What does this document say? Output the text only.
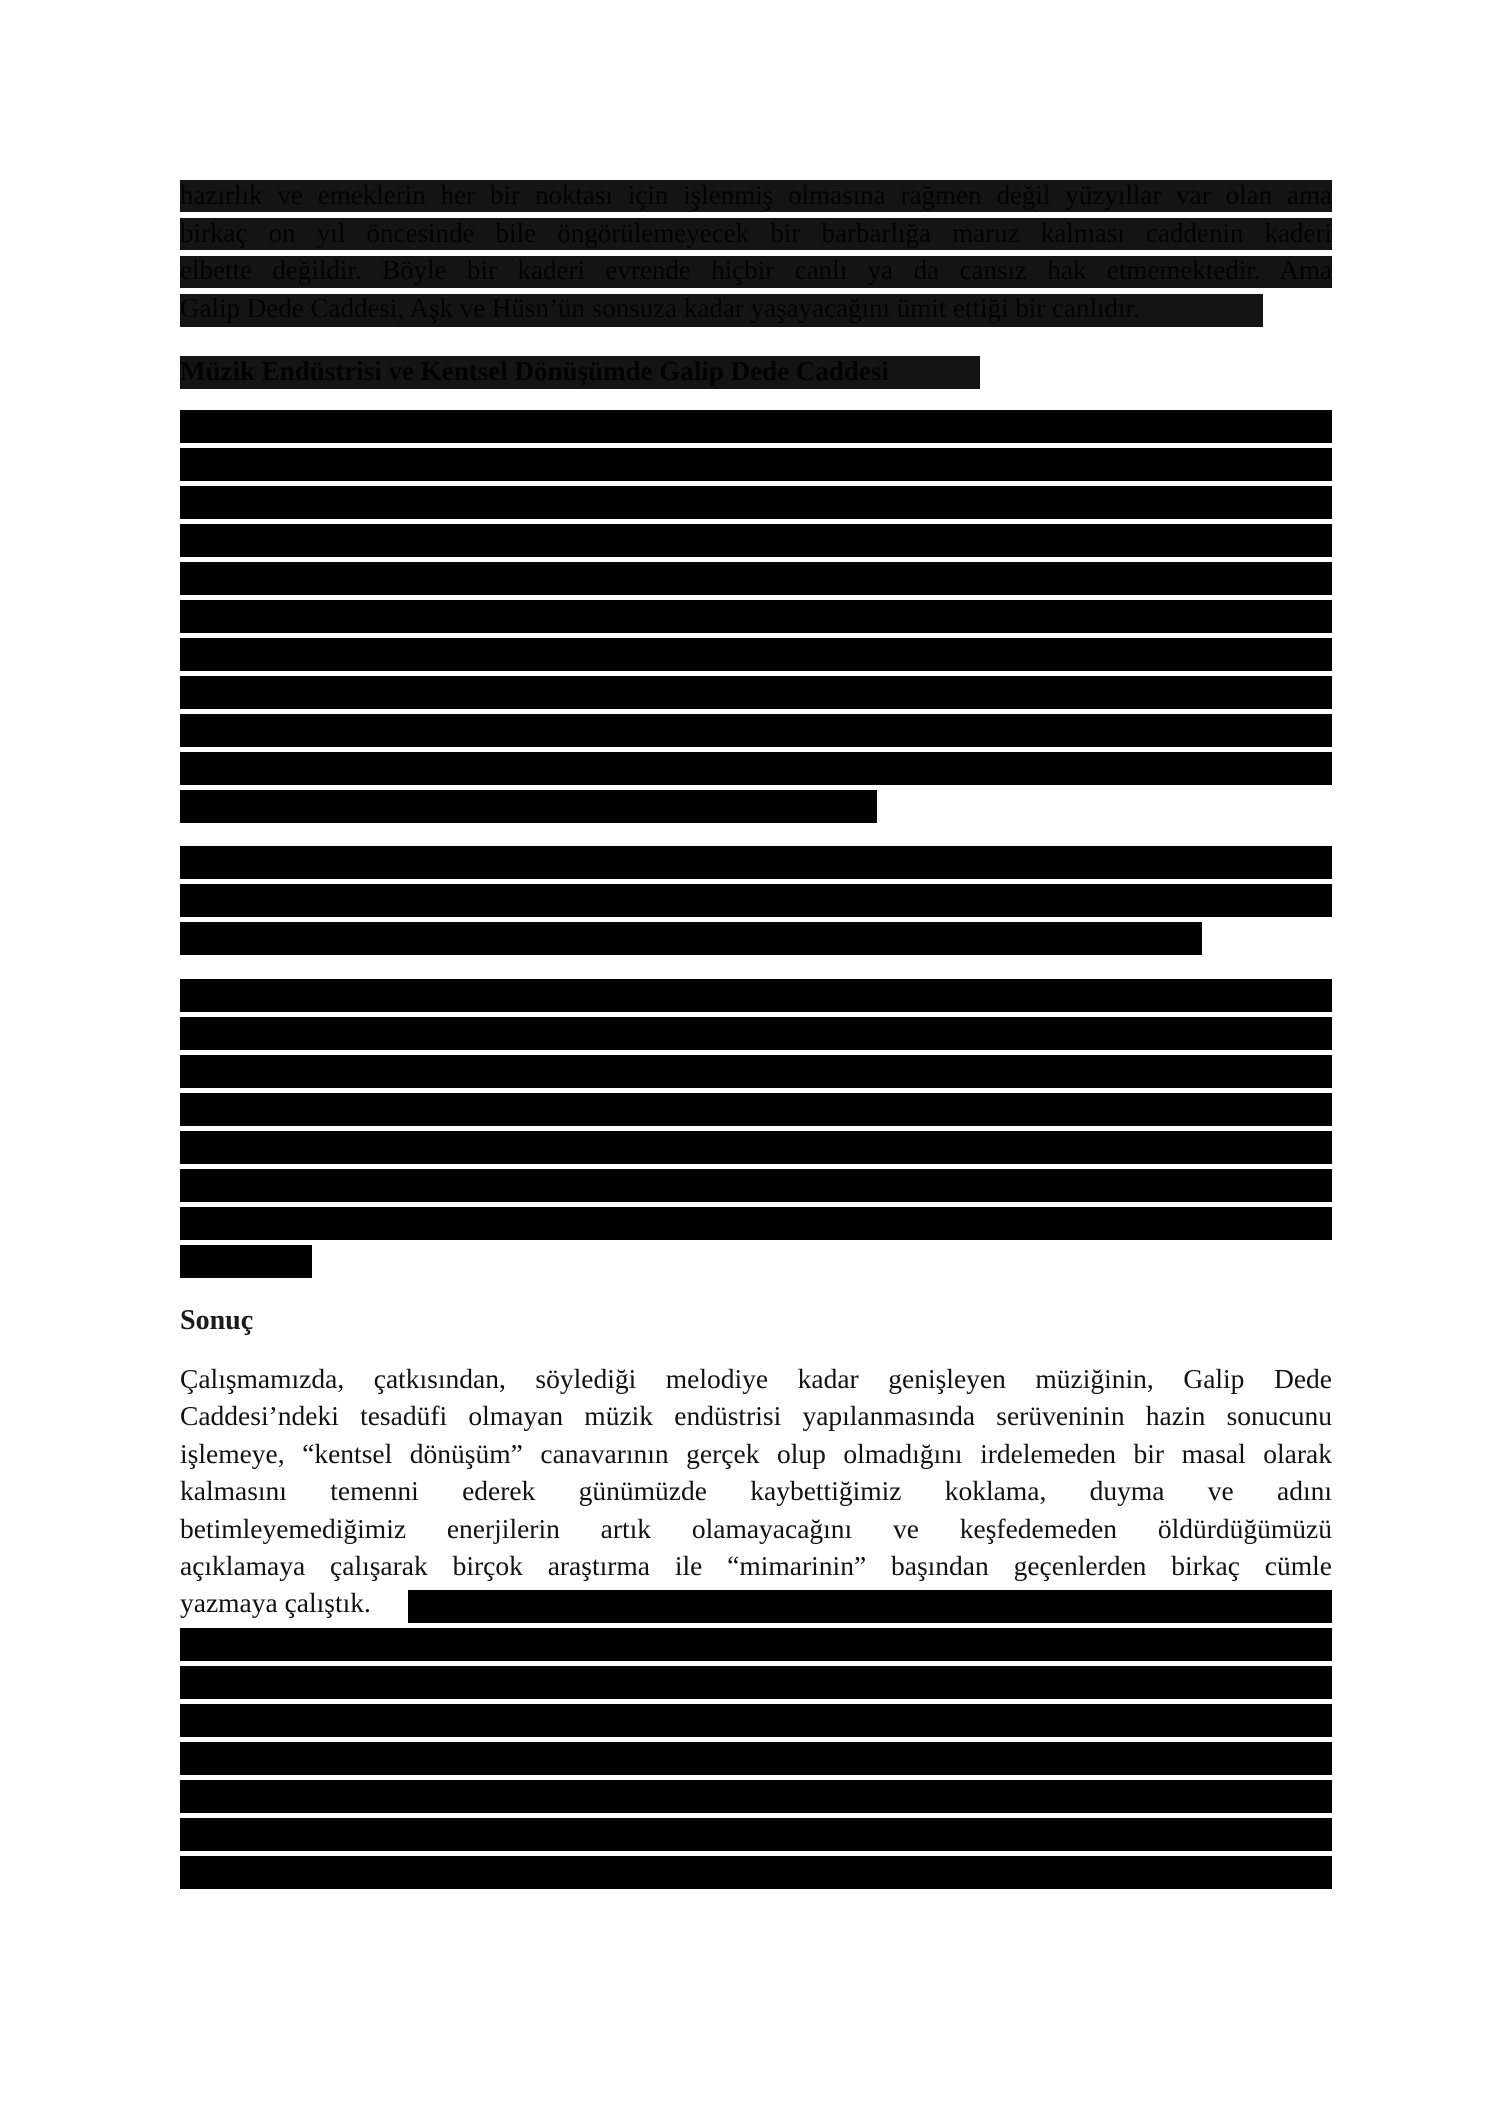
Sonuç
Çalışmamızda, çatkısından, söylediği melodiye kadar genişleyen müziğinin, Galip Dede
Caddesi’ndeki tesadüfi olmayan müzik endüstrisi yapılanmasında serüveninin hazin sonucunu
işlemeye, “kentsel dönüşüm” canavarının gerçek olup olmadığını irdelemeden bir masal olarak
kalmasını temenni ederek günümüzde kaybettiğimiz koklama, duyma ve adını
betimleyemediğimiz enerjilerin artık olamayacağını ve keşfedemeden öldürdüğümüzü
açıklamaya çalışarak birçok araştırma ile “mimarinin” başından geçenlerden birkaç cümle
yazmaya çalıştık.
